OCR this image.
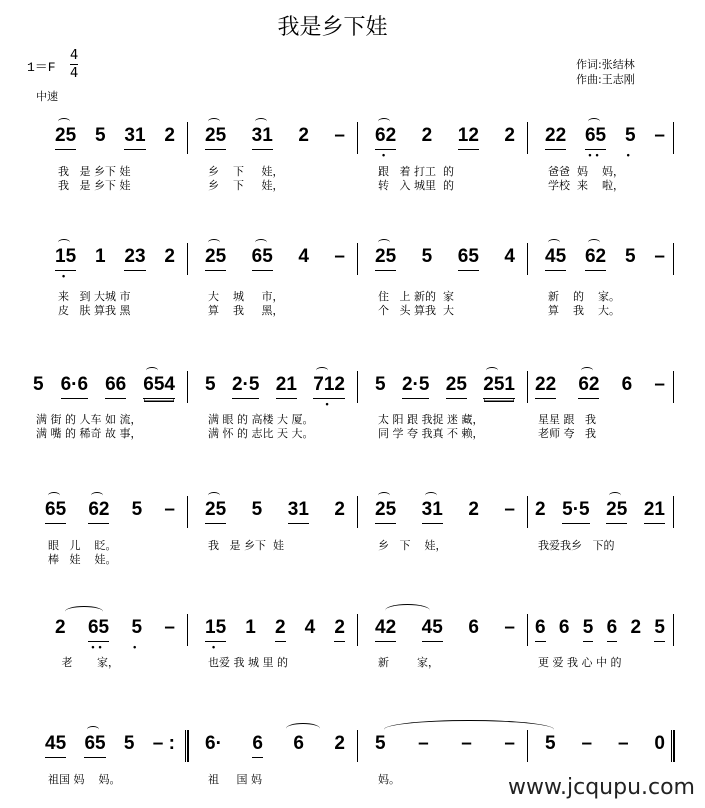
我是乡下娃
1＝F
4
4
中速
作词:张结林
作曲:王志刚
25 5 31 2 25 31 2 – 62
•
2 12 2 22 65
••
5
•
–
我   是 乡下 娃	乡    下     娃，	跟   着 打工  的	爸爸  妈    妈，
我   是 乡下 娃	乡    下     娃，	转   入 城里  的	学校  来    啦，
15
•
1 23 2 25 65 4 – 25 5 65 4 45 62 5 –
来   到 大城 市	大    城     市，	住   上 新的  家	新    的    家。
皮   肤 算我 黑	算    我     黑，	个   头 算我  大	算    我    大。
5 6·6 66 654 5 2·5 21 712
•
5 2·5 25 251 22 62 6 –
满 街 的 人车 如 流，	满 眼 的 高楼 大 厦。	太 阳 跟 我捉 迷 藏，	星星 跟   我
满 嘴 的 稀奇 故 事，	满 怀 的 志比 天 大。	同 学 夸 我真 不 赖，	老师 夸   我
65 62 5 – 25 5 31 2 25 31 2 – 2 5·5 25 21
眼   儿    眨。	我   是 乡下  娃	乡   下    娃，	我爱我乡   下的
棒   娃    娃。
2 65
••
5
•
– 15
•
1 2 4 2 42 45 6 – 6 6 5 6 2 5
老       家，	也爱 我 城 里 的	新        家，	更 爱 我 心 中 的
45 65 5 – : 6· 6 6 2 5 – – – 5 – – 0
祖国 妈    妈。	祖     国 妈	妈。	www.jcqupu.com
